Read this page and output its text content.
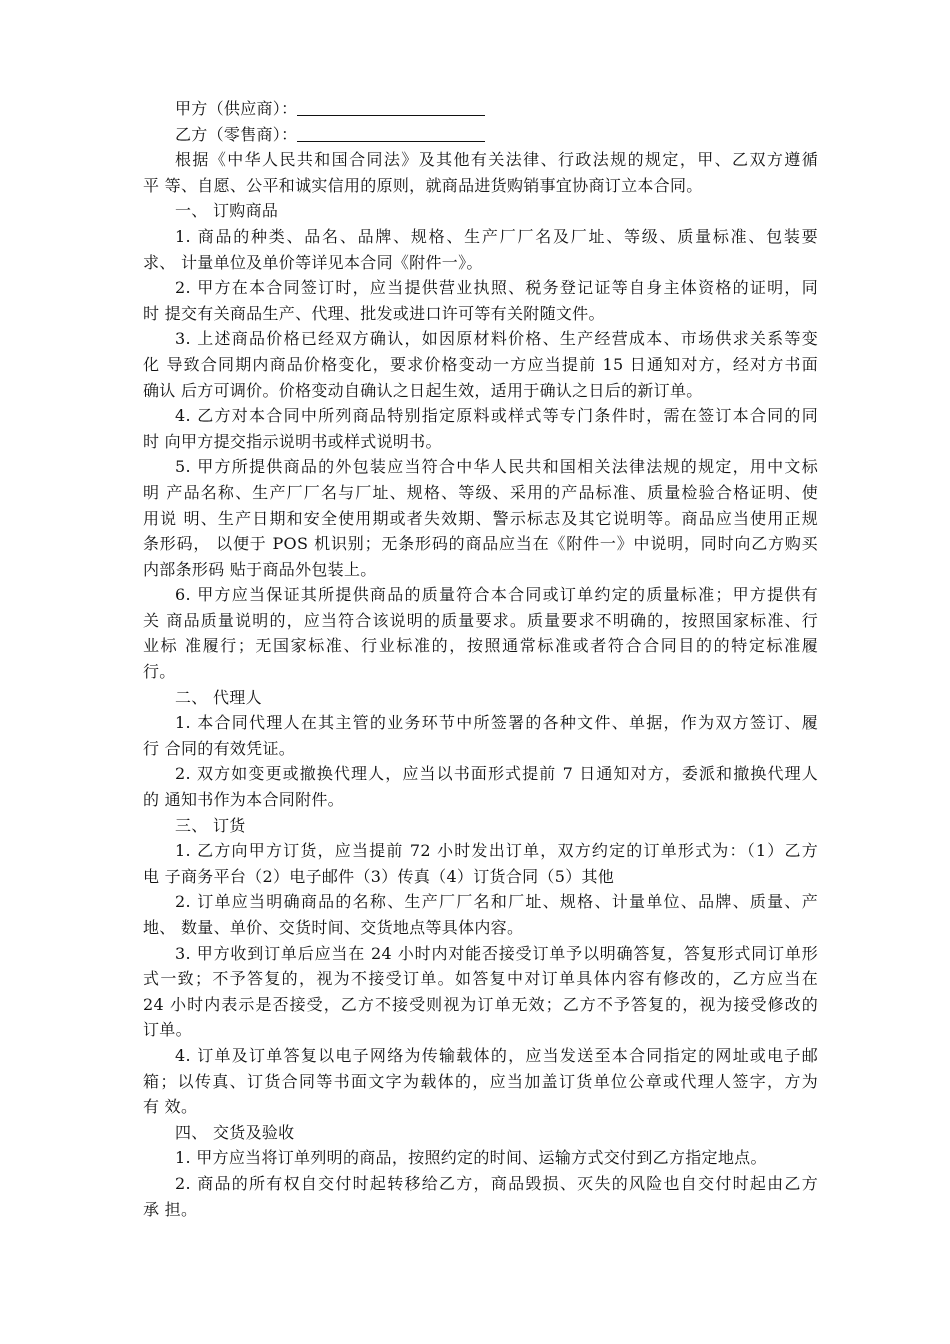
甲方（供应商）：
乙方（零售商）：
根据《中华人民共和国合同法》及其他有关法律、行政法规的规定，甲、乙双方遵循
平 等、自愿、公平和诚实信用的原则，就商品进货购销事宜协商订立本合同。
一、 订购商品
1. 商品的种类、品名、品牌、规格、生产厂厂名及厂址、等级、质量标准、包装要
求、 计量单位及单价等详见本合同《附件一》。
2. 甲方在本合同签订时，应当提供营业执照、税务登记证等自身主体资格的证明，同
时 提交有关商品生产、代理、批发或进口许可等有关附随文件。
3. 上述商品价格已经双方确认，如因原材料价格、生产经营成本、市场供求关系等变
化 导致合同期内商品价格变化，要求价格变动一方应当提前 15 日通知对方，经对方书面
确认 后方可调价。价格变动自确认之日起生效，适用于确认之日后的新订单。
4. 乙方对本合同中所列商品特别指定原料或样式等专门条件时，需在签订本合同的同
时 向甲方提交指示说明书或样式说明书。
5. 甲方所提供商品的外包装应当符合中华人民共和国相关法律法规的规定，用中文标
明 产品名称、生产厂厂名与厂址、规格、等级、采用的产品标准、质量检验合格证明、使
用说 明、生产日期和安全使用期或者失效期、警示标志及其它说明等。商品应当使用正规
条形码， 以便于 POS 机识别；无条形码的商品应当在《附件一》中说明，同时向乙方购买
内部条形码 贴于商品外包装上。
6. 甲方应当保证其所提供商品的质量符合本合同或订单约定的质量标准；甲方提供有
关 商品质量说明的，应当符合该说明的质量要求。质量要求不明确的，按照国家标准、行
业标 准履行；无国家标准、行业标准的，按照通常标准或者符合合同目的的特定标准履
行。
二、 代理人
1. 本合同代理人在其主管的业务环节中所签署的各种文件、单据，作为双方签订、履
行 合同的有效凭证。
2. 双方如变更或撤换代理人，应当以书面形式提前 7 日通知对方，委派和撤换代理人
的 通知书作为本合同附件。
三、 订货
1. 乙方向甲方订货，应当提前 72 小时发出订单，双方约定的订单形式为：（1）乙方
电 子商务平台（2）电子邮件（3）传真（4）订货合同（5）其他
2. 订单应当明确商品的名称、生产厂厂名和厂址、规格、计量单位、品牌、质量、产
地、 数量、单价、交货时间、交货地点等具体内容。
3. 甲方收到订单后应当在 24 小时内对能否接受订单予以明确答复，答复形式同订单形
式一致；不予答复的，视为不接受订单。如答复中对订单具体内容有修改的，乙方应当在
24 小时内表示是否接受，乙方不接受则视为订单无效；乙方不予答复的，视为接受修改的
订单。
4. 订单及订单答复以电子网络为传输载体的，应当发送至本合同指定的网址或电子邮
箱；以传真、订货合同等书面文字为载体的，应当加盖订货单位公章或代理人签字，方为
有 效。
四、 交货及验收
1. 甲方应当将订单列明的商品，按照约定的时间、运输方式交付到乙方指定地点。
2. 商品的所有权自交付时起转移给乙方，商品毁损、灭失的风险也自交付时起由乙方
承 担。
